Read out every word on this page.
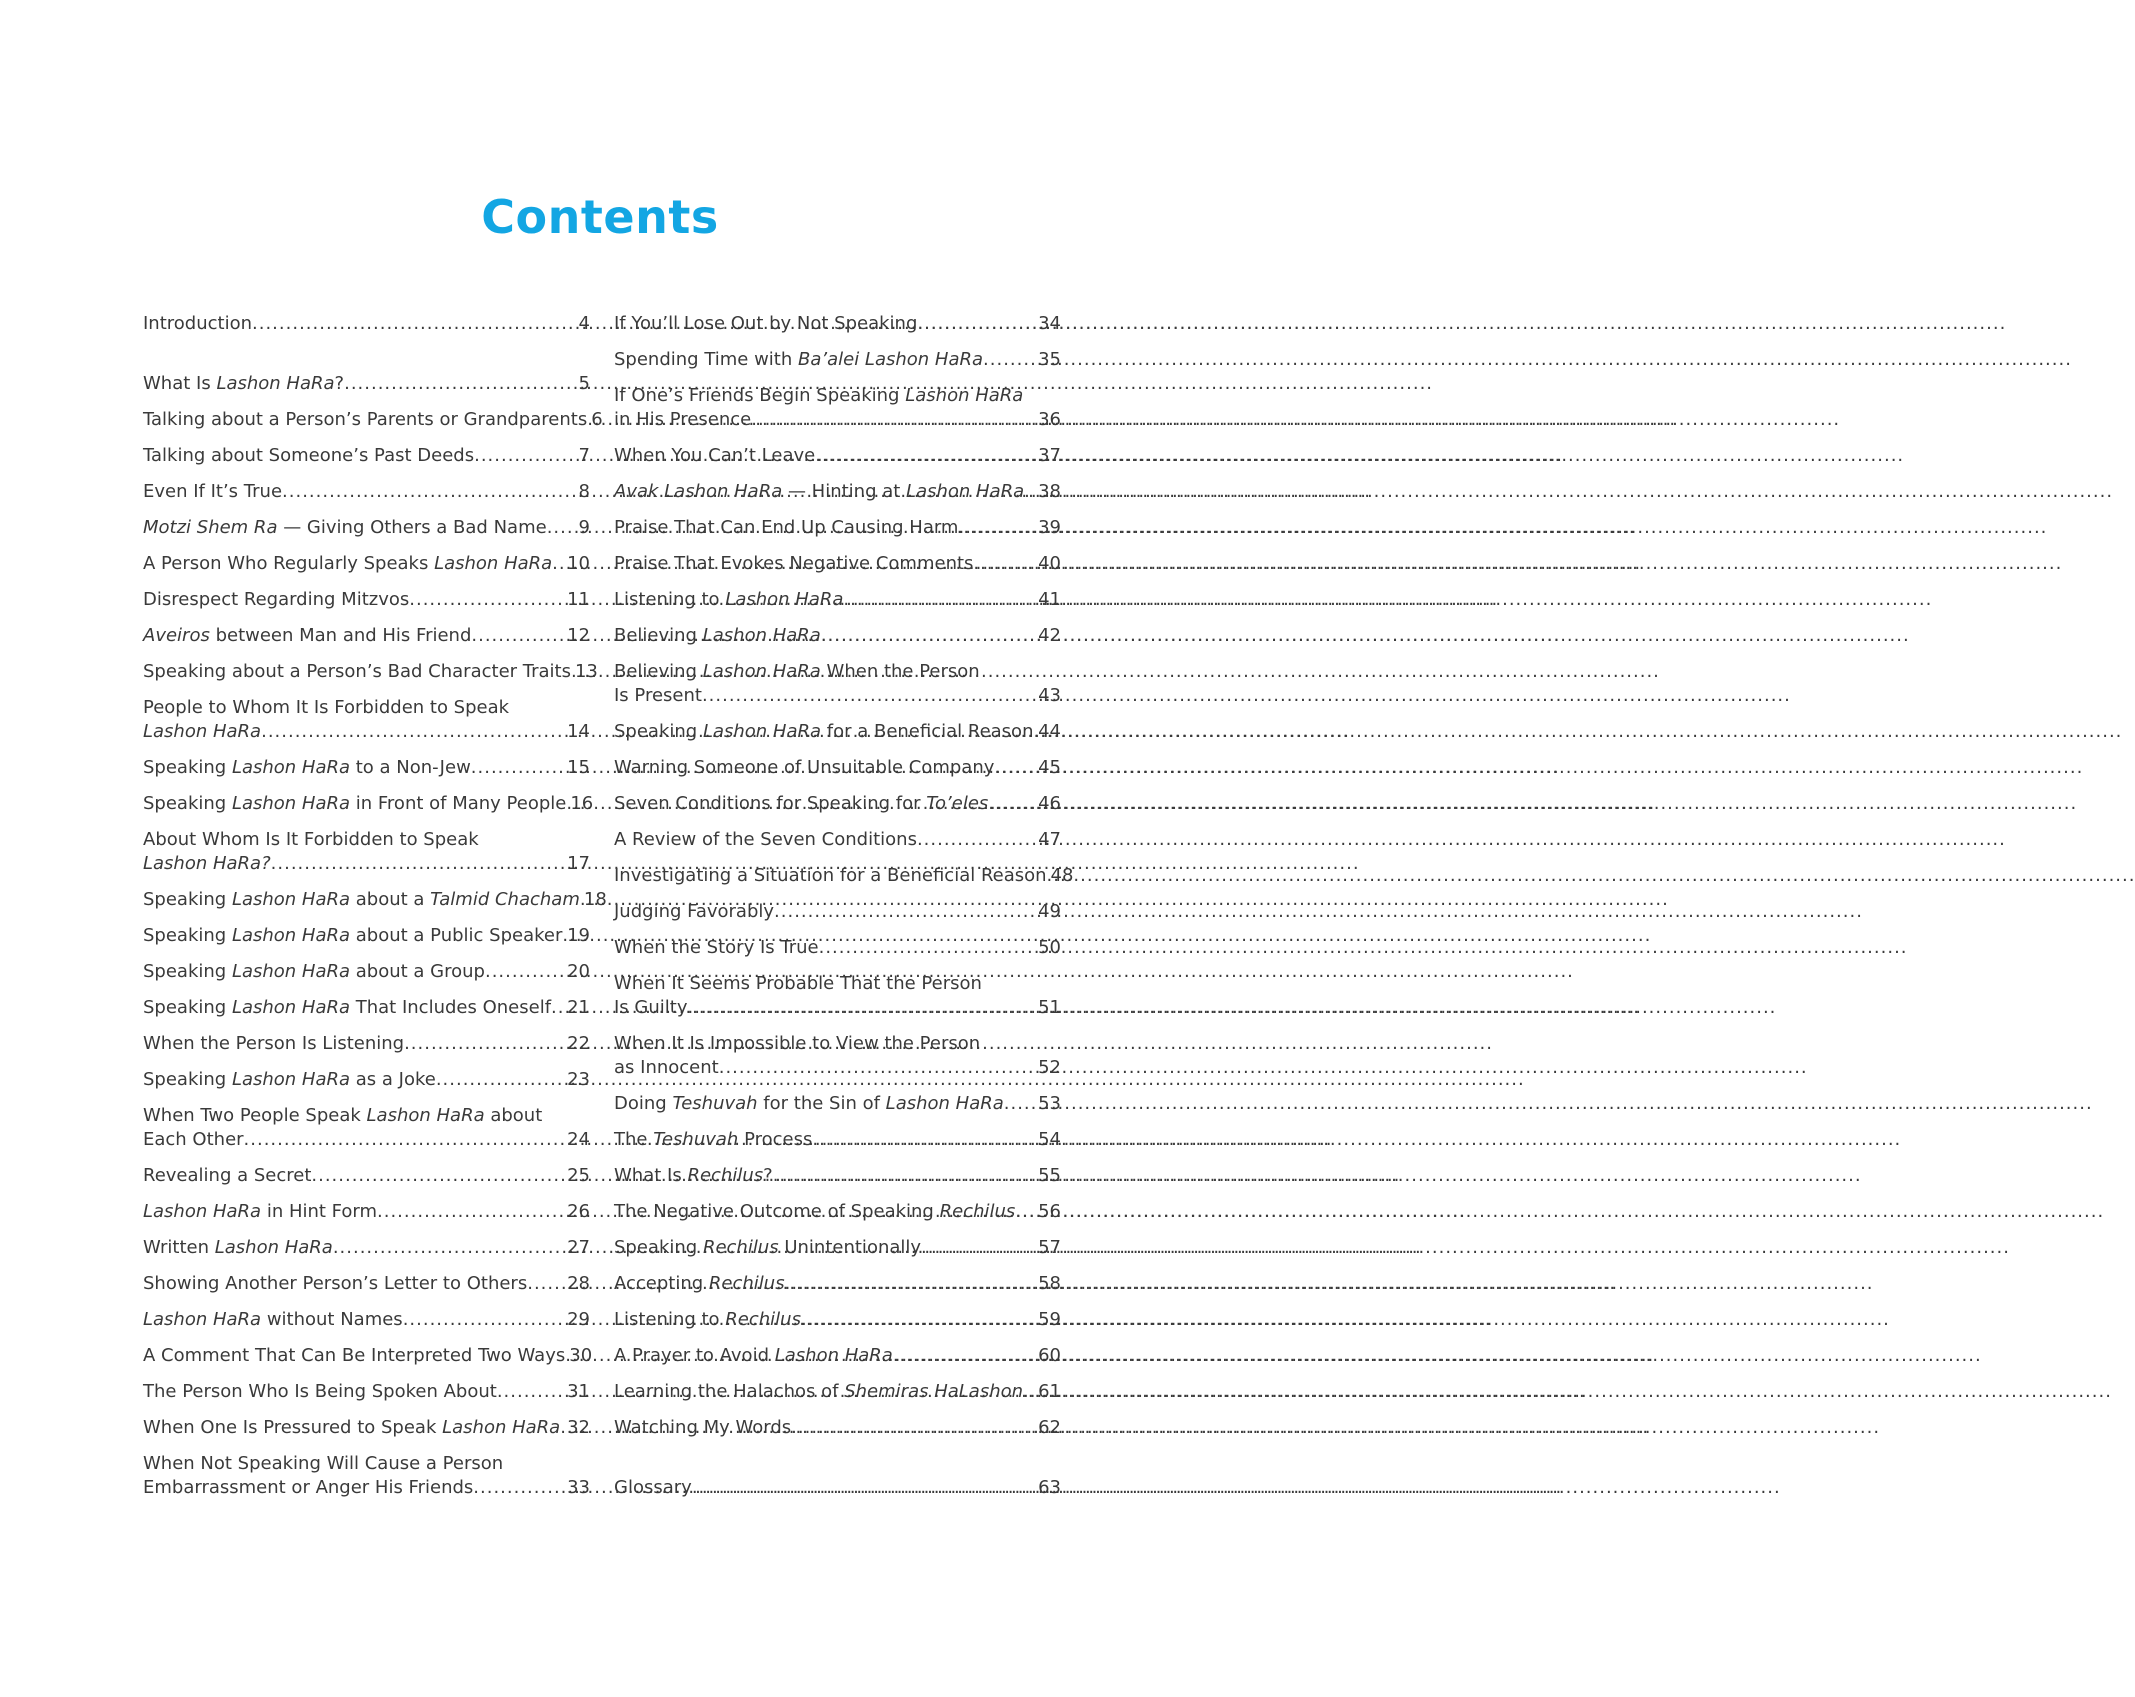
Contents
Introduction .....	4
What Is Lashon HaRa? .....	5
Talking about a Person’s Parents or Grandparents ..... 6
Talking about Someone’s Past Deeds .....	7
Even If It’s True .....	8
Motzi Shem Ra — Giving Others a Bad Name ..... 9
A Person Who Regularly Speaks Lashon HaRa ..... 10
Disrespect Regarding Mitzvos .....	11
Aveiros between Man and His Friend .....	12
Speaking about a Person’s Bad Character Traits ..... 13
People to Whom It Is Forbidden to Speak
Lashon HaRa .....	14
Speaking Lashon HaRa to a Non-Jew .....	15
Speaking Lashon HaRa in Front of Many People ..... 16
About Whom Is It Forbidden to Speak
Lashon HaRa? .....	17
Speaking Lashon HaRa about a Talmid Chacham ..... 18
Speaking Lashon HaRa about a Public Speaker ..... 19
Speaking Lashon HaRa about a Group .....	20
Speaking Lashon HaRa That Includes Oneself ..... 21
When the Person Is Listening .....	22
Speaking Lashon HaRa as a Joke .....	23
When Two People Speak Lashon HaRa about
Each Other .....	24
Revealing a Secret .....	25
Lashon HaRa in Hint Form .....	26
Written Lashon HaRa .....	27
Showing Another Person’s Letter to Others ..... 28
Lashon HaRa without Names .....	29
A Comment That Can Be Interpreted Two Ways ..... 30
The Person Who Is Being Spoken About .....	31
When One Is Pressured to Speak Lashon HaRa ..... 32
When Not Speaking Will Cause a Person
Embarrassment or Anger His Friends .....	33
If You’ll Lose Out by Not Speaking .....	34
Spending Time with Ba’alei Lashon HaRa .....	35
If One’s Friends Begin Speaking Lashon HaRa
in His Presence .....	36
When You Can’t Leave .....	37
Avak Lashon HaRa — Hinting at Lashon HaRa ..... 38
Praise That Can End Up Causing Harm .....	39
Praise That Evokes Negative Comments .....	40
Listening to Lashon HaRa .....	41
Believing Lashon HaRa .....	42
Believing Lashon HaRa When the Person
Is Present .....	43
Speaking Lashon HaRa for a Beneficial Reason ..... 44
Warning Someone of Unsuitable Company ..... 45
Seven Conditions for Speaking for To’eles .....	46
A Review of the Seven Conditions .....	47
Investigating a Situation for a Beneficial Reason ..... 48
Judging Favorably .....	49
When the Story Is True .....	50
When It Seems Probable That the Person
Is Guilty .....	51
When It Is Impossible to View the Person
as Innocent .....	52
Doing Teshuvah for the Sin of Lashon HaRa ..... 53
The Teshuvah Process .....	54
What Is Rechilus? .....	55
The Negative Outcome of Speaking Rechilus ..... 56
Speaking Rechilus Unintentionally .....	57
Accepting Rechilus .....	58
Listening to Rechilus .....	59
A Prayer to Avoid Lashon HaRa .....	60
Learning the Halachos of Shemiras HaLashon ..... 61
Watching My Words .....	62
Glossary .....	63
